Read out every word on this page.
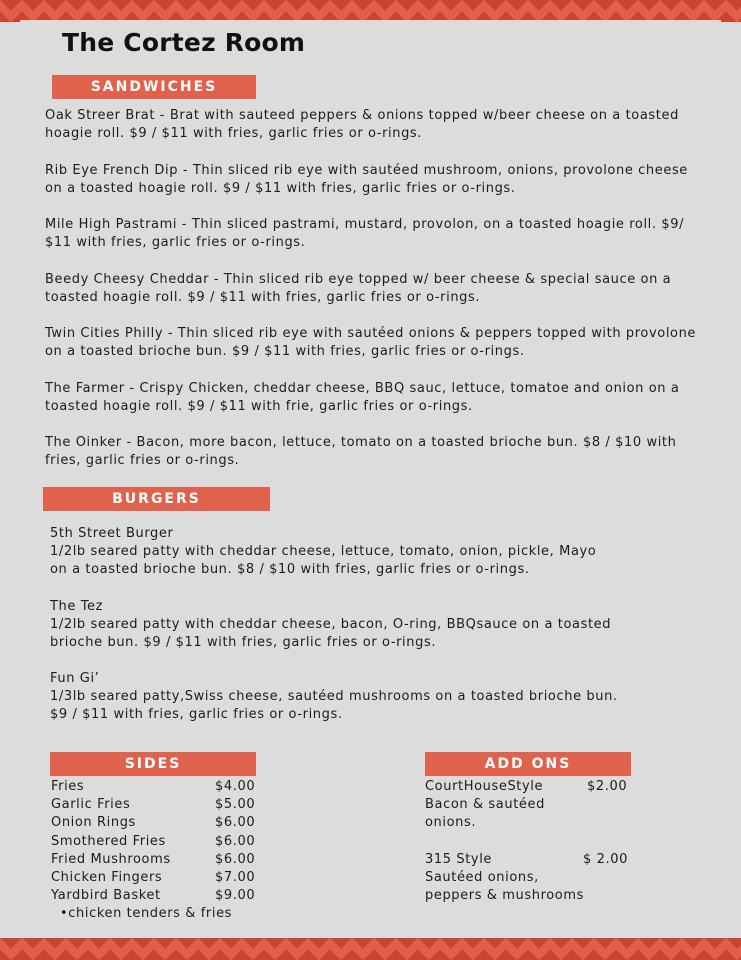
The Cortez Room
SANDWICHES
Oak Streer Brat - Brat with sauteed peppers & onions topped w/beer cheese on a toasted
hoagie roll. $9 / $11 with fries, garlic fries or o-rings.
Rib Eye French Dip - Thin sliced rib eye with sautéed mushroom, onions, provolone cheese
on a toasted hoagie roll. $9 / $11 with fries, garlic fries or o-rings.
Mile High Pastrami - Thin sliced pastrami, mustard, provolon, on a toasted hoagie roll. $9/
$11 with fries, garlic fries or o-rings.
Beedy Cheesy Cheddar - Thin sliced rib eye topped w/ beer cheese & special sauce on a
toasted hoagie roll. $9 / $11 with fries, garlic fries or o-rings.
Twin Cities Philly - Thin sliced rib eye with sautéed onions & peppers topped with provolone
on a toasted brioche bun. $9 / $11 with fries, garlic fries or o-rings.
The Farmer - Crispy Chicken, cheddar cheese, BBQ sauc, lettuce, tomatoe and onion on a
toasted hoagie roll. $9 / $11 with frie, garlic fries or o-rings.
The Oinker - Bacon, more bacon, lettuce, tomato on a toasted brioche bun. $8 / $10 with
fries, garlic fries or o-rings.
BURGERS
5th Street Burger
1/2lb seared patty with cheddar cheese, lettuce, tomato, onion, pickle, Mayo
on a toasted brioche bun. $8 / $10 with fries, garlic fries or o-rings.
The Tez
1/2lb seared patty with cheddar cheese, bacon, O-ring, BBQsauce on a toasted
brioche bun. $9 / $11 with fries, garlic fries or o-rings.
Fun Gi’
1/3lb seared patty,Swiss cheese, sautéed mushrooms on a toasted brioche bun.
$9 / $11 with fries, garlic fries or o-rings.
SIDES
Fries	$4.00
Garlic Fries	$5.00
Onion Rings	$6.00
Smothered Fries	$6.00
Fried Mushrooms	$6.00
Chicken Fingers	$7.00
Yardbird Basket	$9.00
•chicken tenders & fries
ADD ONS
CourtHouseStyle	$2.00
Bacon & sautéed
onions.
315 Style	$ 2.00
Sautéed onions,
peppers & mushrooms
